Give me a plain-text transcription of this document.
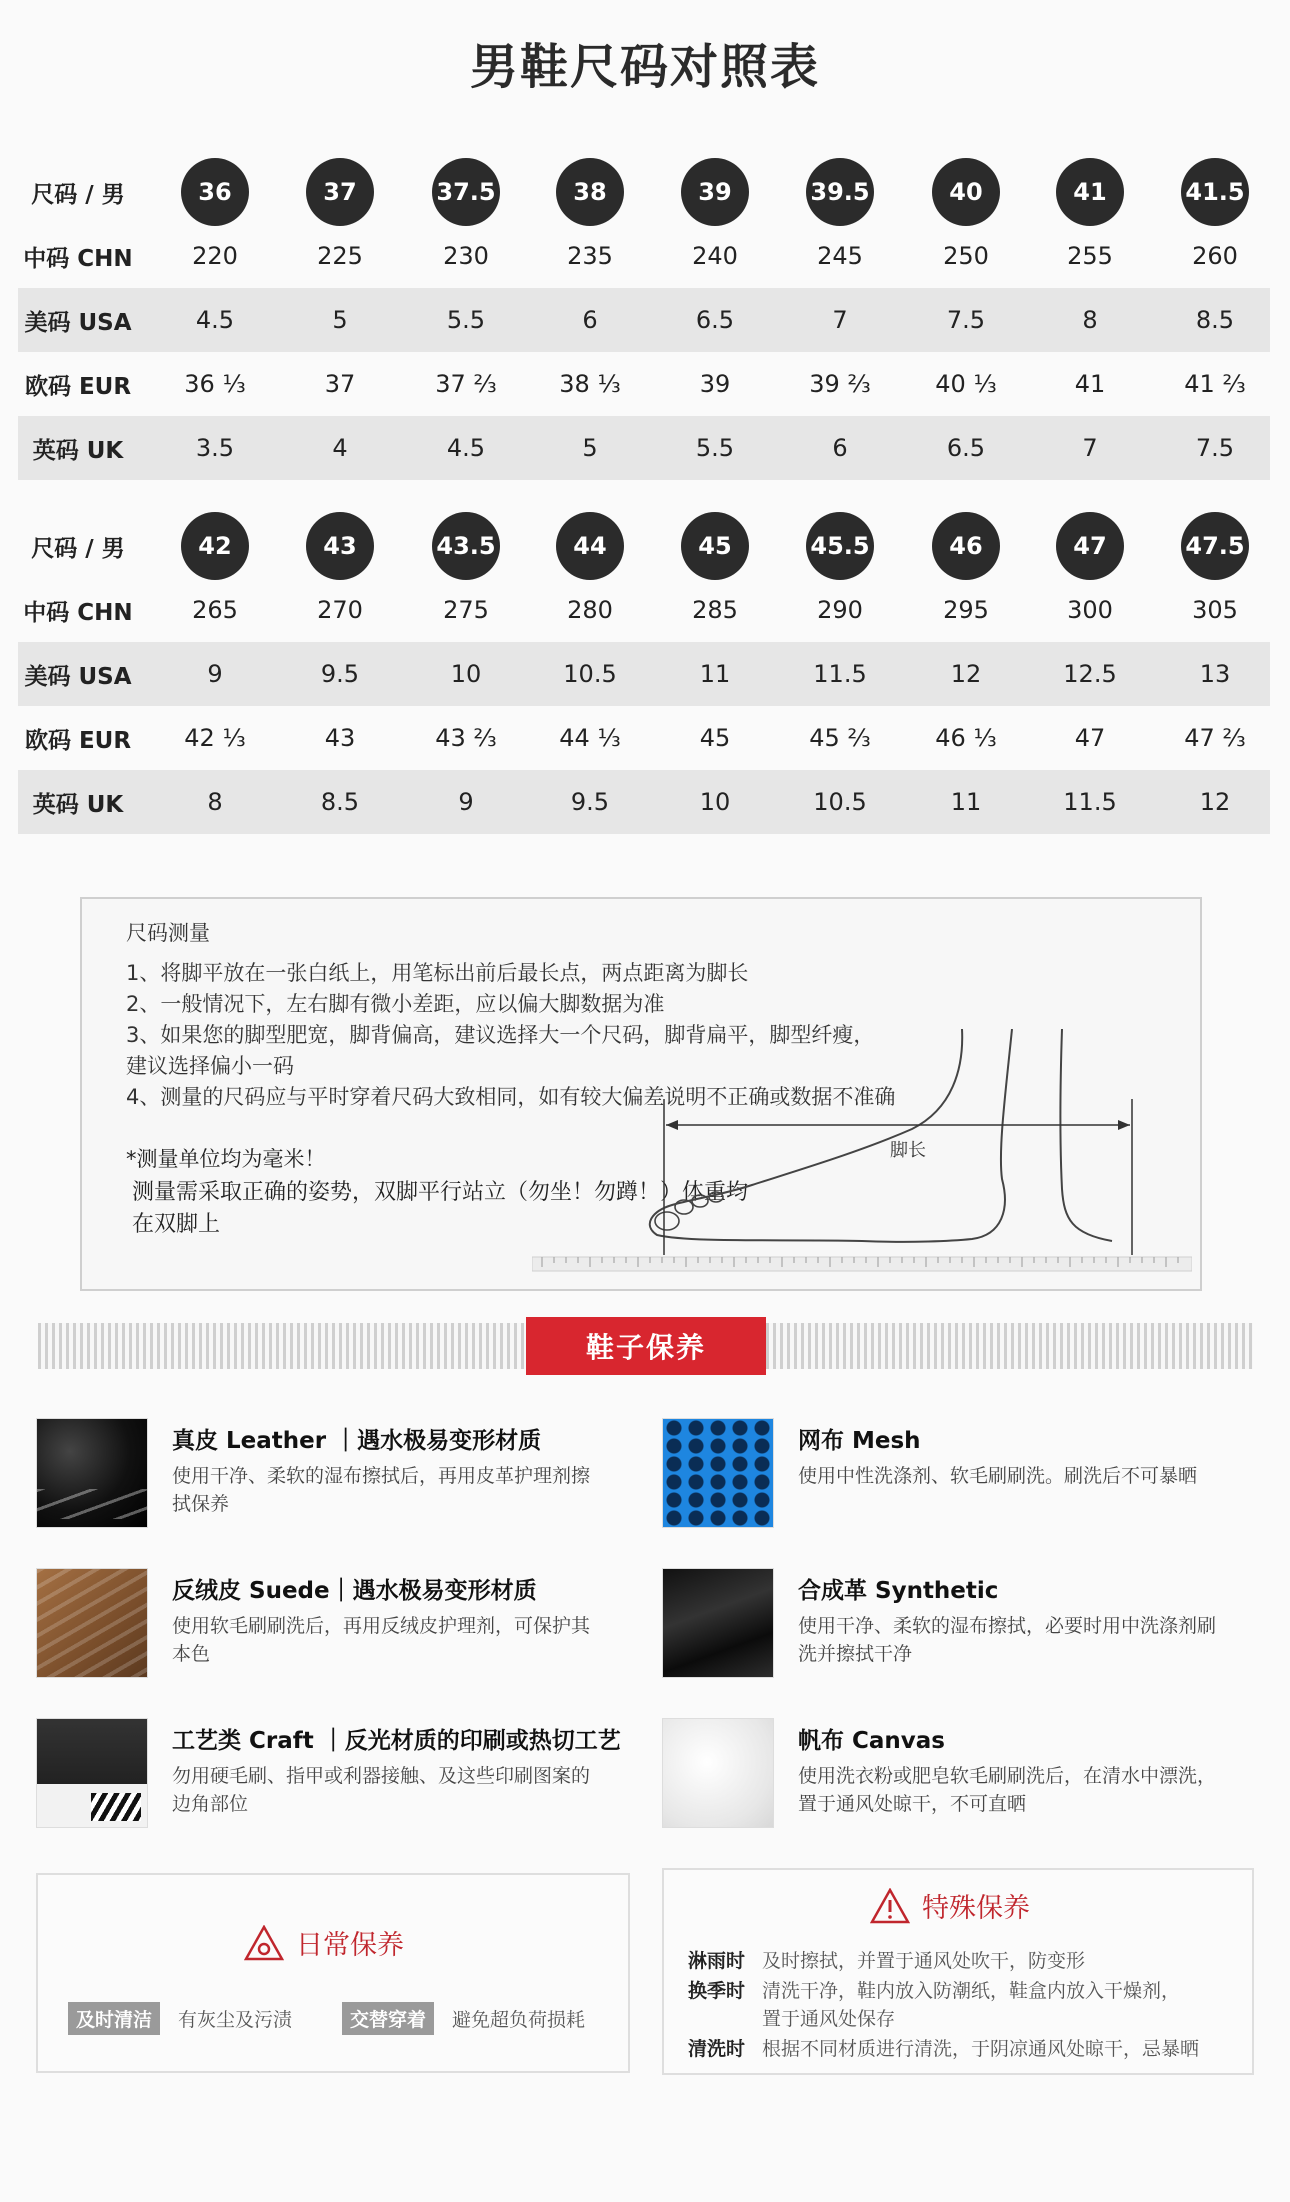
男鞋尺码对照表
尺码 / 男	36	37	37.5	38	39	39.5	40	41	41.5
中码 CHN	220	225	230	235	240	245	250	255	260
美码 USA	4.5	5	5.5	6	6.5	7	7.5	8	8.5
欧码 EUR	36 ⅓	37	37 ⅔	38 ⅓	39	39 ⅔	40 ⅓	41	41 ⅔
英码 UK	3.5	4	4.5	5	5.5	6	6.5	7	7.5
尺码 / 男	42	43	43.5	44	45	45.5	46	47	47.5
中码 CHN	265	270	275	280	285	290	295	300	305
美码 USA	9	9.5	10	10.5	11	11.5	12	12.5	13
欧码 EUR	42 ⅓	43	43 ⅔	44 ⅓	45	45 ⅔	46 ⅓	47	47 ⅔
英码 UK	8	8.5	9	9.5	10	10.5	11	11.5	12
尺码测量
1、将脚平放在一张白纸上，用笔标出前后最长点，两点距离为脚长
2、一般情况下，左右脚有微小差距，应以偏大脚数据为准
3、如果您的脚型肥宽，脚背偏高，建议选择大一个尺码，脚背扁平，脚型纤瘦，
建议选择偏小一码
4、测量的尺码应与平时穿着尺码大致相同，如有较大偏差说明不正确或数据不准确
*测量单位均为毫米！
测量需采取正确的姿势，双脚平行站立（勿坐！勿蹲！）体重均
在双脚上
脚长
鞋子保养
真皮 Leather ｜遇水极易变形材质
使用干净、柔软的湿布擦拭后，再用皮革护理剂擦拭保养
网布 Mesh
使用中性洗涤剂、软毛刷刷洗。刷洗后不可暴晒
反绒皮 Suede｜遇水极易变形材质
使用软毛刷刷洗后，再用反绒皮护理剂，可保护其本色
合成革 Synthetic
使用干净、柔软的湿布擦拭，必要时用中洗涤剂刷洗并擦拭干净
工艺类 Craft ｜反光材质的印刷或热切工艺
勿用硬毛刷、指甲或利器接触、及这些印刷图案的边角部位
帆布 Canvas
使用洗衣粉或肥皂软毛刷刷洗后，在清水中漂洗，置于通风处晾干，不可直晒
日常保养
及时清洁	有灰尘及污渍	交替穿着	避免超负荷损耗
特殊保养
淋雨时 及时擦拭，并置于通风处吹干，防变形
换季时 清洗干净，鞋内放入防潮纸，鞋盒内放入干燥剂，
置于通风处保存
清洗时 根据不同材质进行清洗，于阴凉通风处晾干，忌暴晒
